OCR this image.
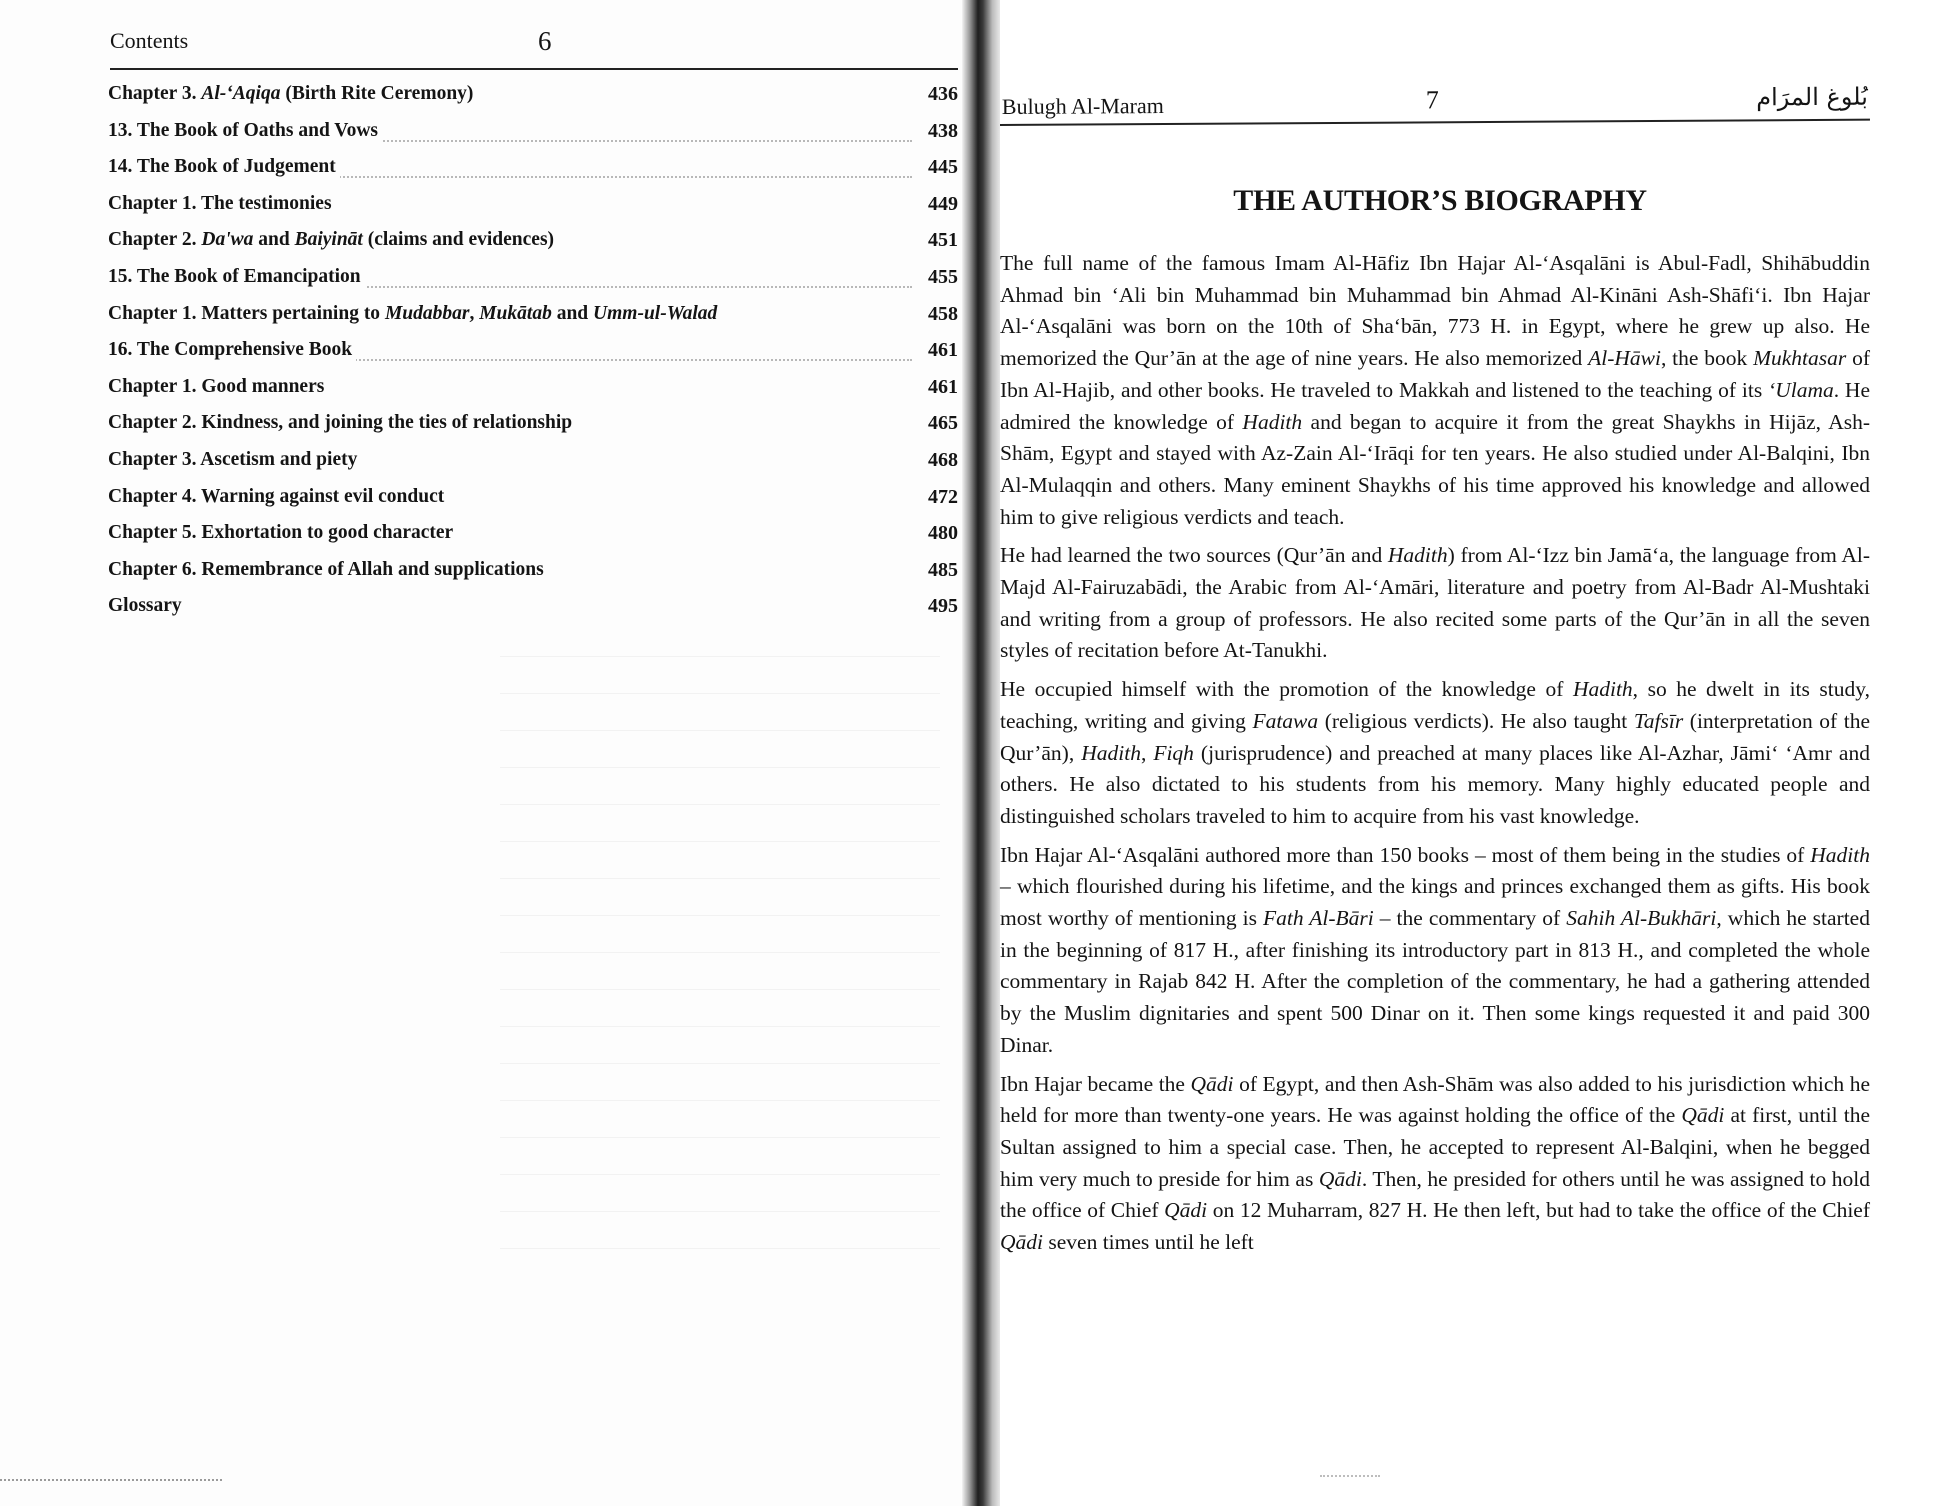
Contents	6
Chapter 3. Al-‘Aqiqa (Birth Rite Ceremony)	436
13. The Book of Oaths and Vows	438
14. The Book of Judgement	445
Chapter 1. The testimonies	449
Chapter 2. Da'wa and Baiyināt (claims and evidences)	451
15. The Book of Emancipation	455
Chapter 1. Matters pertaining to Mudabbar, Mukātab and Umm-ul-Walad	458
16. The Comprehensive Book	461
Chapter 1. Good manners	461
Chapter 2. Kindness, and joining the ties of relationship	465
Chapter 3. Ascetism and piety	468
Chapter 4. Warning against evil conduct	472
Chapter 5. Exhortation to good character	480
Chapter 6. Remembrance of Allah and supplications	485
Glossary	495
Bulugh Al-Maram	7	بُلوغ المرَام
THE AUTHOR’S BIOGRAPHY

The full name of the famous Imam Al-Hāfiz Ibn Hajar Al-‘Asqalāni is Abul-Fadl, Shihābuddin Ahmad bin ‘Ali bin Muhammad bin Muhammad bin Ahmad Al-Kināni Ash-Shāfi‘i. Ibn Hajar Al-‘Asqalāni was born on the 10th of Sha‘bān, 773 H. in Egypt, where he grew up also. He memorized the Qur’ān at the age of nine years. He also memorized Al-Hāwi, the book Mukhtasar of Ibn Al-Hajib, and other books. He traveled to Makkah and listened to the teaching of its ‘Ulama. He admired the knowledge of Hadith and began to acquire it from the great Shaykhs in Hijāz, Ash-Shām, Egypt and stayed with Az-Zain Al-‘Irāqi for ten years. He also studied under Al-Balqini, Ibn Al-Mulaqqin and others. Many eminent Shaykhs of his time approved his knowledge and allowed him to give religious verdicts and teach.

He had learned the two sources (Qur’ān and Hadith) from Al-‘Izz bin Jamā‘a, the language from Al-Majd Al-Fairuzabādi, the Arabic from Al-‘Amāri, literature and poetry from Al-Badr Al-Mushtaki and writing from a group of professors. He also recited some parts of the Qur’ān in all the seven styles of recitation before At-Tanukhi.

He occupied himself with the promotion of the knowledge of Hadith, so he dwelt in its study, teaching, writing and giving Fatawa (religious verdicts). He also taught Tafsīr (interpretation of the Qur’ān), Hadith, Fiqh (jurisprudence) and preached at many places like Al-Azhar, Jāmi‘ ‘Amr and others. He also dictated to his students from his memory. Many highly educated people and distinguished scholars traveled to him to acquire from his vast knowledge.

Ibn Hajar Al-‘Asqalāni authored more than 150 books – most of them being in the studies of Hadith – which flourished during his lifetime, and the kings and princes exchanged them as gifts. His book most worthy of mentioning is Fath Al-Bāri – the commentary of Sahih Al-Bukhāri, which he started in the beginning of 817 H., after finishing its introductory part in 813 H., and completed the whole commentary in Rajab 842 H. After the completion of the commentary, he had a gathering attended by the Muslim dignitaries and spent 500 Dinar on it. Then some kings requested it and paid 300 Dinar.

Ibn Hajar became the Qādi of Egypt, and then Ash-Shām was also added to his jurisdiction which he held for more than twenty-one years. He was against holding the office of the Qādi at first, until the Sultan assigned to him a special case. Then, he accepted to represent Al-Balqini, when he begged him very much to preside for him as Qādi. Then, he presided for others until he was assigned to hold the office of Chief Qādi on 12 Muharram, 827 H. He then left, but had to take the office of the Chief Qādi seven times until he left
